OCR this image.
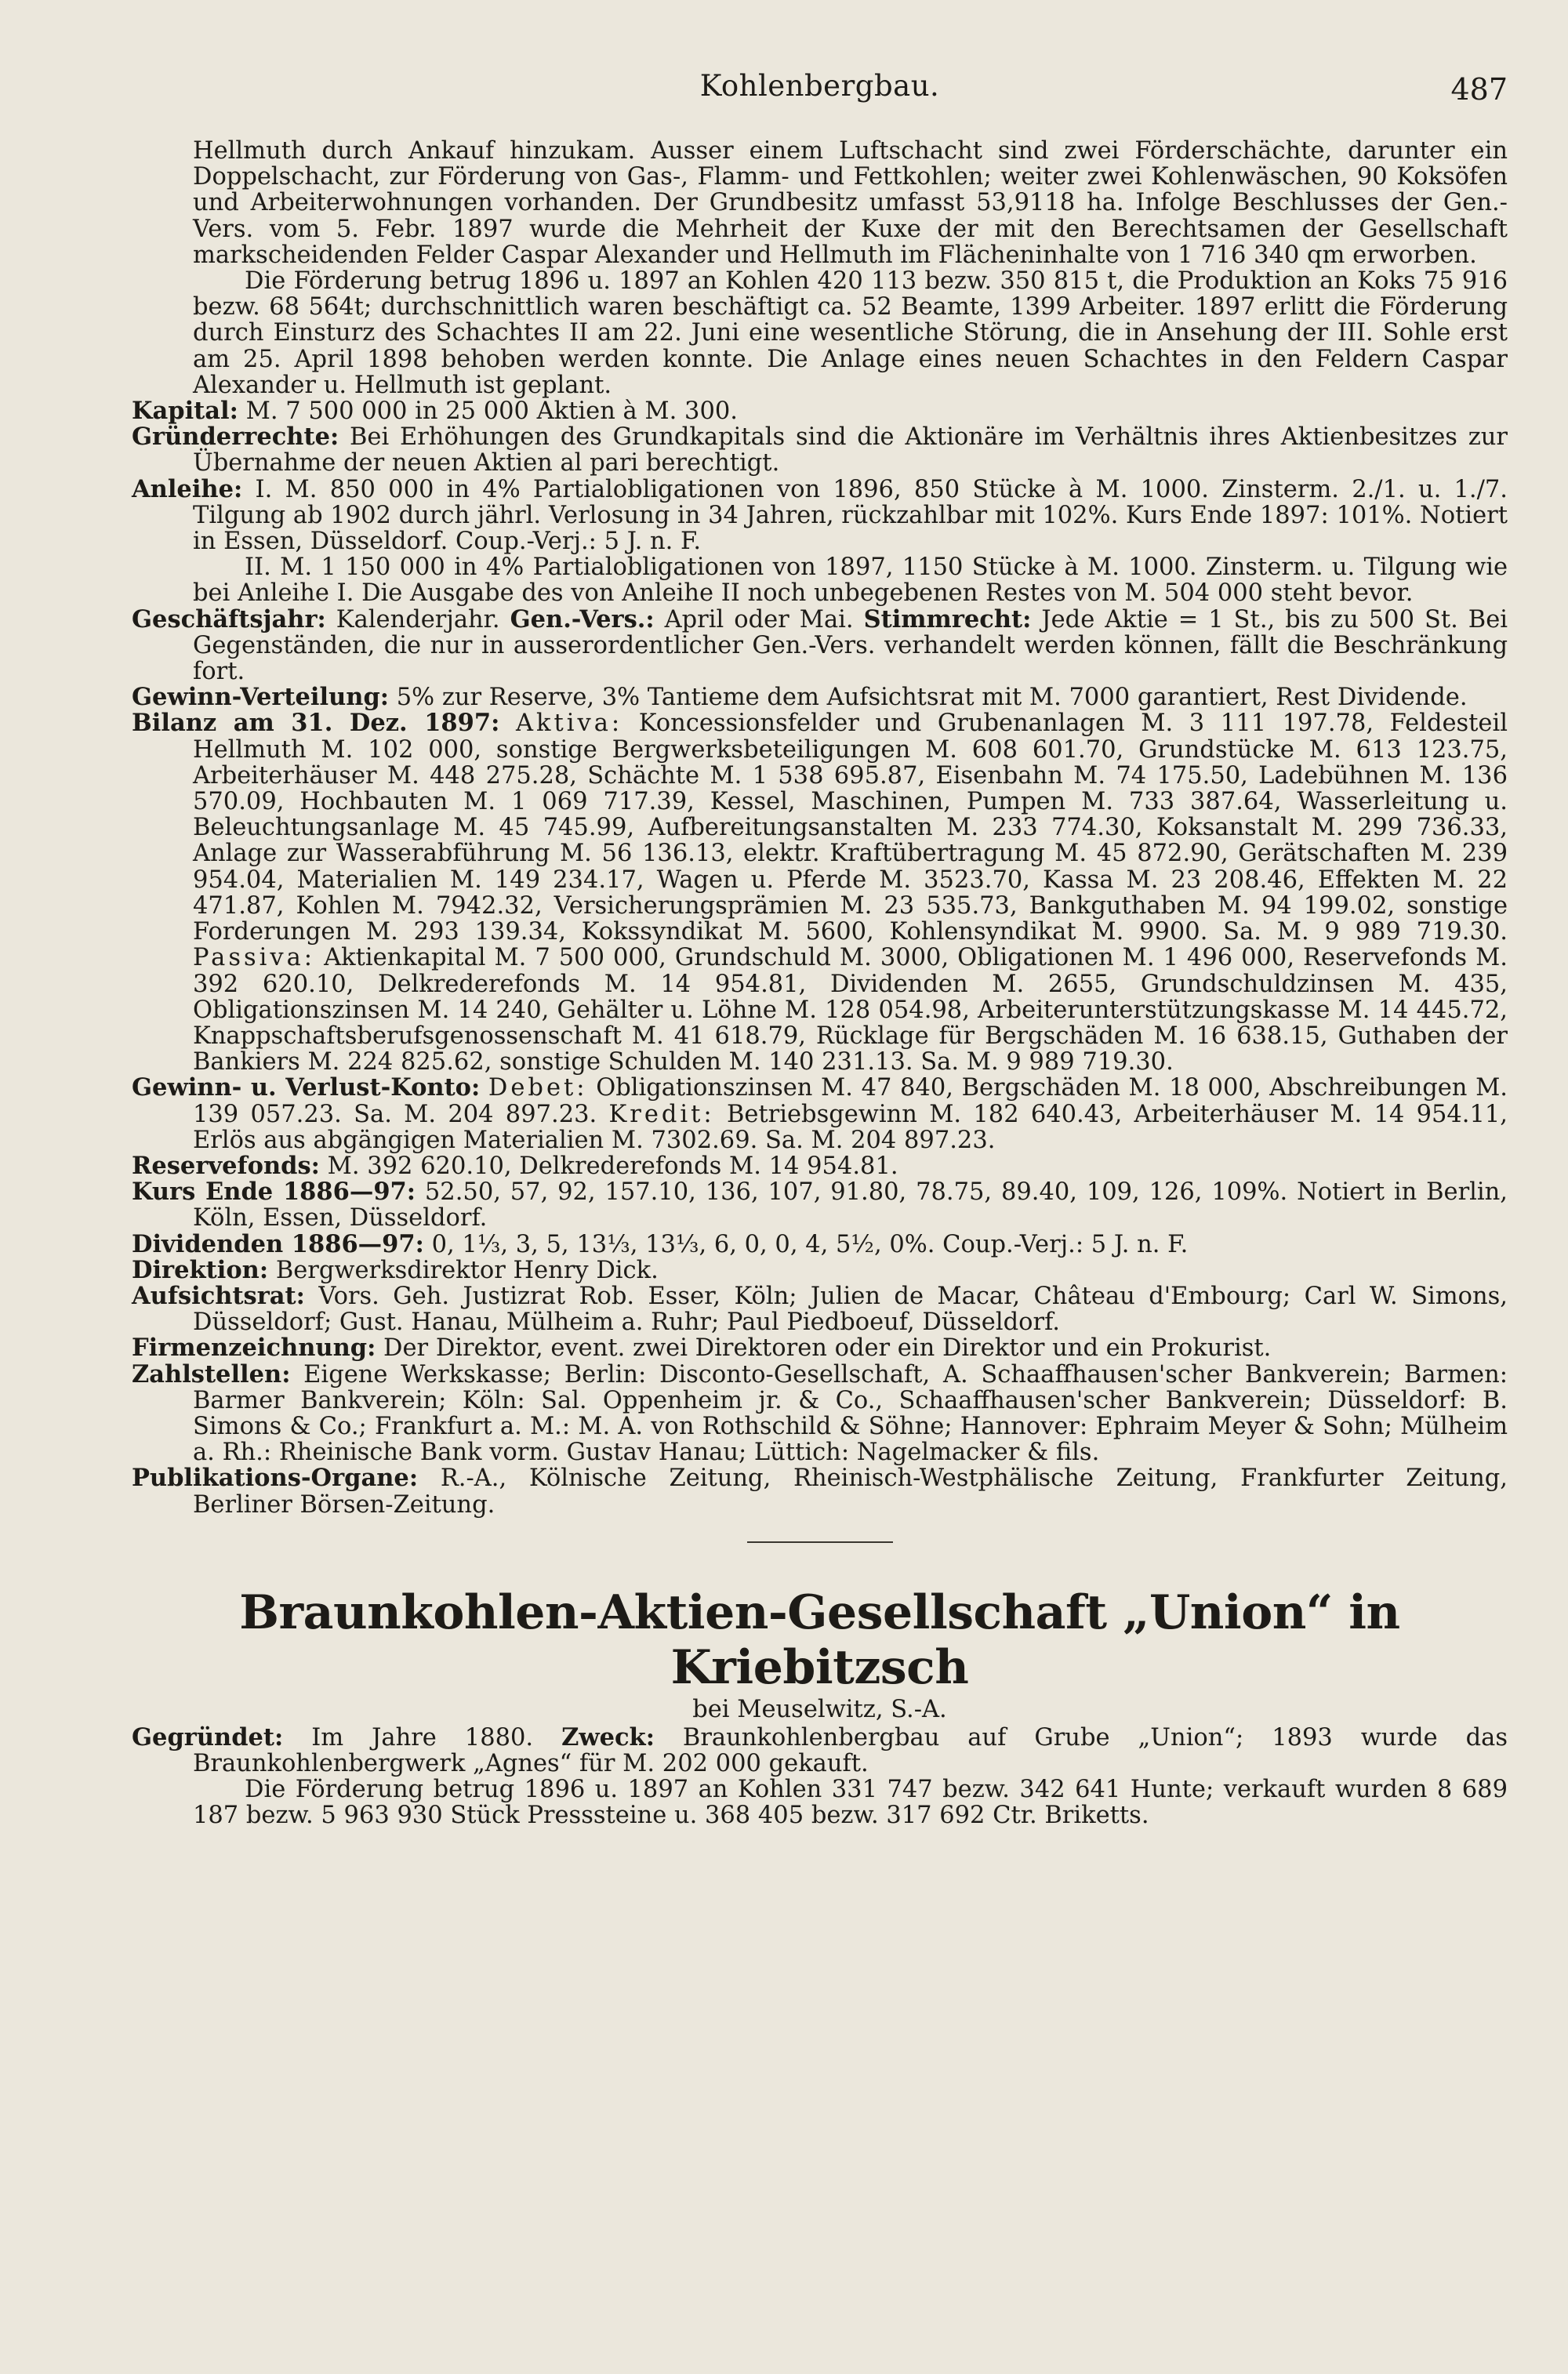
Kohlenbergbau.	487

Hellmuth durch Ankauf hinzukam. Ausser einem Luftschacht sind zwei Förderschächte, darunter ein Doppelschacht, zur Förderung von Gas-, Flamm- und Fettkohlen; weiter zwei Kohlenwäschen, 90 Koksöfen und Arbeiterwohnungen vorhanden. Der Grundbesitz umfasst 53,9118 ha. Infolge Beschlusses der Gen.-Vers. vom 5. Febr. 1897 wurde die Mehrheit der Kuxe der mit den Berechtsamen der Gesellschaft markscheidenden Felder Caspar Alexander und Hellmuth im Flächeninhalte von 1 716 340 qm erworben.

Die Förderung betrug 1896 u. 1897 an Kohlen 420 113 bezw. 350 815 t, die Produktion an Koks 75 916 bezw. 68 564t; durchschnittlich waren beschäftigt ca. 52 Beamte, 1399 Arbeiter. 1897 erlitt die Förderung durch Einsturz des Schachtes II am 22. Juni eine wesentliche Störung, die in Ansehung der III. Sohle erst am 25. April 1898 behoben werden konnte. Die Anlage eines neuen Schachtes in den Feldern Caspar Alexander u. Hellmuth ist geplant.

Kapital: M. 7 500 000 in 25 000 Aktien à M. 300.

Gründerrechte: Bei Erhöhungen des Grundkapitals sind die Aktionäre im Verhältnis ihres Aktienbesitzes zur Übernahme der neuen Aktien al pari berechtigt.

Anleihe: I. M. 850 000 in 4% Partialobligationen von 1896, 850 Stücke à M. 1000. Zinsterm. 2./1. u. 1./7. Tilgung ab 1902 durch jährl. Verlosung in 34 Jahren, rückzahlbar mit 102%. Kurs Ende 1897: 101%. Notiert in Essen, Düsseldorf. Coup.-Verj.: 5 J. n. F.

II. M. 1 150 000 in 4% Partialobligationen von 1897, 1150 Stücke à M. 1000. Zinsterm. u. Tilgung wie bei Anleihe I. Die Ausgabe des von Anleihe II noch unbegebenen Restes von M. 504 000 steht bevor.

Geschäftsjahr: Kalenderjahr. Gen.-Vers.: April oder Mai. Stimmrecht: Jede Aktie = 1 St., bis zu 500 St. Bei Gegenständen, die nur in ausserordentlicher Gen.-Vers. verhandelt werden können, fällt die Beschränkung fort.

Gewinn-Verteilung: 5% zur Reserve, 3% Tantieme dem Aufsichtsrat mit M. 7000 garantiert, Rest Dividende.

Bilanz am 31. Dez. 1897: Aktiva: Koncessionsfelder und Grubenanlagen M. 3 111 197.78, Feldesteil Hellmuth M. 102 000, sonstige Bergwerksbeteiligungen M. 608 601.70, Grundstücke M. 613 123.75, Arbeiterhäuser M. 448 275.28, Schächte M. 1 538 695.87, Eisenbahn M. 74 175.50, Ladebühnen M. 136 570.09, Hochbauten M. 1 069 717.39, Kessel, Maschinen, Pumpen M. 733 387.64, Wasserleitung u. Beleuchtungsanlage M. 45 745.99, Aufbereitungsanstalten M. 233 774.30, Koksanstalt M. 299 736.33, Anlage zur Wasserabführung M. 56 136.13, elektr. Kraftübertragung M. 45 872.90, Gerätschaften M. 239 954.04, Materialien M. 149 234.17, Wagen u. Pferde M. 3523.70, Kassa M. 23 208.46, Effekten M. 22 471.87, Kohlen M. 7942.32, Versicherungsprämien M. 23 535.73, Bankguthaben M. 94 199.02, sonstige Forderungen M. 293 139.34, Kokssyndikat M. 5600, Kohlensyndikat M. 9900. Sa. M. 9 989 719.30. Passiva: Aktienkapital M. 7 500 000, Grundschuld M. 3000, Obligationen M. 1 496 000, Reservefonds M. 392 620.10, Delkrederefonds M. 14 954.81, Dividenden M. 2655, Grundschuldzinsen M. 435, Obligationszinsen M. 14 240, Gehälter u. Löhne M. 128 054.98, Arbeiterunterstützungskasse M. 14 445.72, Knappschaftsberufsgenossenschaft M. 41 618.79, Rücklage für Bergschäden M. 16 638.15, Guthaben der Bankiers M. 224 825.62, sonstige Schulden M. 140 231.13. Sa. M. 9 989 719.30.

Gewinn- u. Verlust-Konto: Debet: Obligationszinsen M. 47 840, Bergschäden M. 18 000, Abschreibungen M. 139 057.23. Sa. M. 204 897.23. Kredit: Betriebsgewinn M. 182 640.43, Arbeiterhäuser M. 14 954.11, Erlös aus abgängigen Materialien M. 7302.69. Sa. M. 204 897.23.

Reservefonds: M. 392 620.10, Delkrederefonds M. 14 954.81.

Kurs Ende 1886—97: 52.50, 57, 92, 157.10, 136, 107, 91.80, 78.75, 89.40, 109, 126, 109%. Notiert in Berlin, Köln, Essen, Düsseldorf.

Dividenden 1886—97: 0, 1⅓, 3, 5, 13⅓, 13⅓, 6, 0, 0, 4, 5½, 0%. Coup.-Verj.: 5 J. n. F.

Direktion: Bergwerksdirektor Henry Dick.

Aufsichtsrat: Vors. Geh. Justizrat Rob. Esser, Köln; Julien de Macar, Château d'Embourg; Carl W. Simons, Düsseldorf; Gust. Hanau, Mülheim a. Ruhr; Paul Piedboeuf, Düsseldorf.

Firmenzeichnung: Der Direktor, event. zwei Direktoren oder ein Direktor und ein Prokurist.

Zahlstellen: Eigene Werkskasse; Berlin: Disconto-Gesellschaft, A. Schaaffhausen'scher Bankverein; Barmen: Barmer Bankverein; Köln: Sal. Oppenheim jr. & Co., Schaaffhausen'scher Bankverein; Düsseldorf: B. Simons & Co.; Frankfurt a. M.: M. A. von Rothschild & Söhne; Hannover: Ephraim Meyer & Sohn; Mülheim a. Rh.: Rheinische Bank vorm. Gustav Hanau; Lüttich: Nagelmacker & fils.

Publikations-Organe: R.-A., Kölnische Zeitung, Rheinisch-Westphälische Zeitung, Frankfurter Zeitung, Berliner Börsen-Zeitung.

Braunkohlen-Aktien-Gesellschaft „Union“ in Kriebitzsch

bei Meuselwitz, S.-A.

Gegründet: Im Jahre 1880. Zweck: Braunkohlenbergbau auf Grube „Union“; 1893 wurde das Braunkohlenbergwerk „Agnes“ für M. 202 000 gekauft.

Die Förderung betrug 1896 u. 1897 an Kohlen 331 747 bezw. 342 641 Hunte; verkauft wurden 8 689 187 bezw. 5 963 930 Stück Presssteine u. 368 405 bezw. 317 692 Ctr. Briketts.
